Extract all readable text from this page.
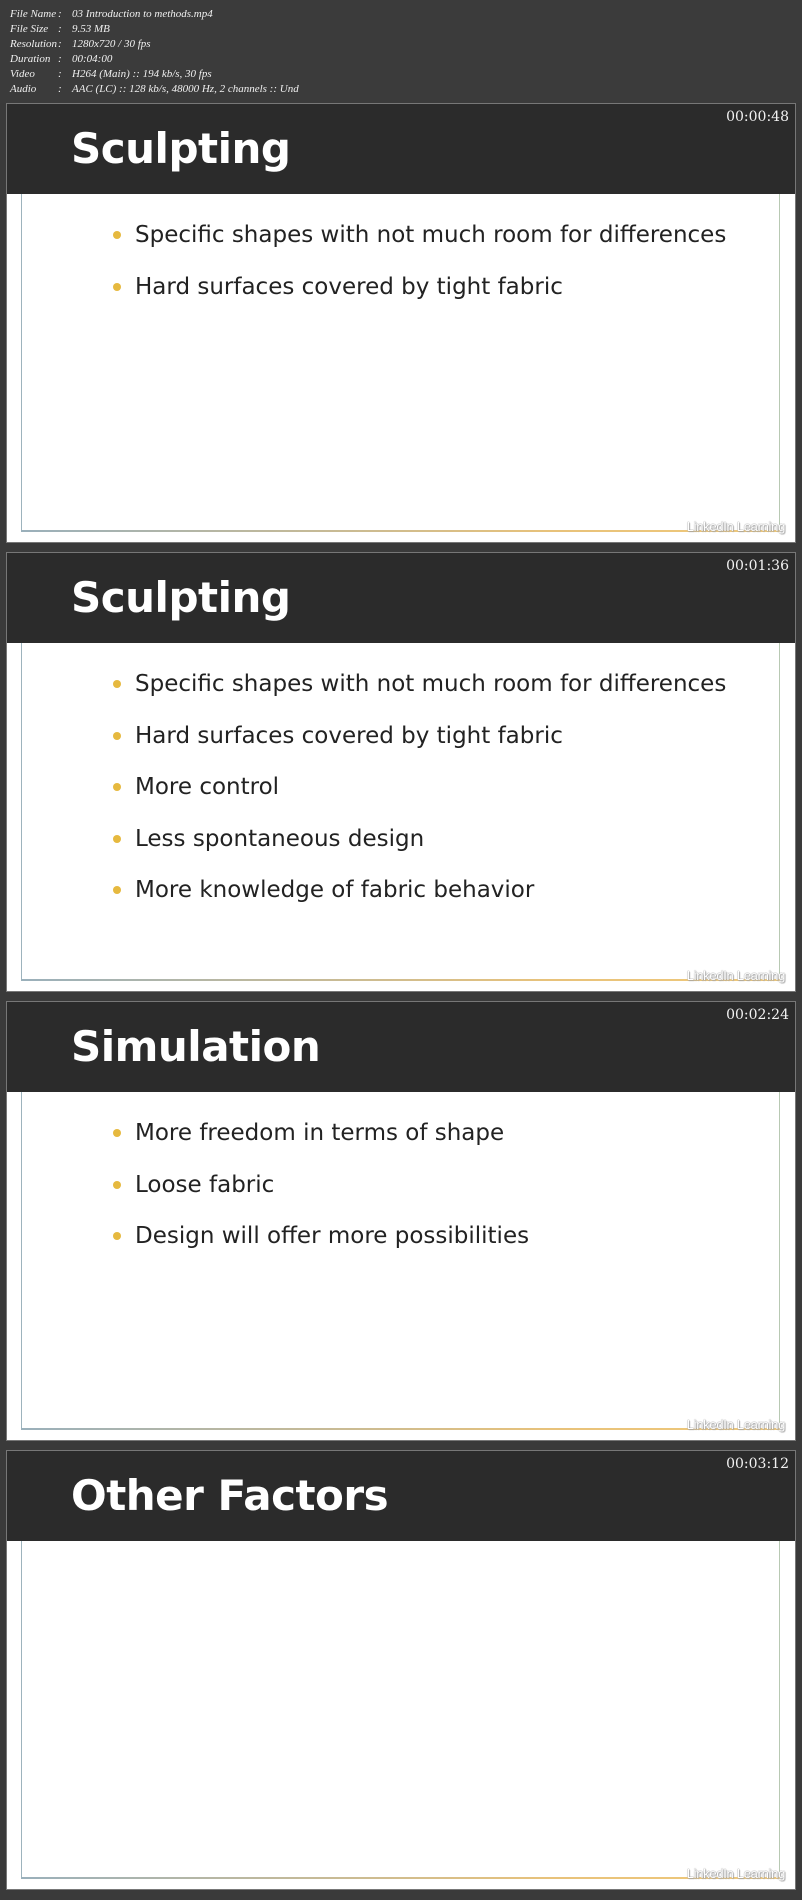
File Name : 03 Introduction to methods.mp4
File Size : 9.53 MB
Resolution: 1280x720 / 30 fps
Duration : 00:04:00
Video : H264 (Main) :: 194 kb/s, 30 fps
Audio : AAC (LC) :: 128 kb/s, 48000 Hz, 2 channels :: Und
Sculpting
00:00:48
Specific shapes with not much room for differences
Hard surfaces covered by tight fabric
LinkedIn Learning
Sculpting
00:01:36
Specific shapes with not much room for differences
Hard surfaces covered by tight fabric
More control
Less spontaneous design
More knowledge of fabric behavior
LinkedIn Learning
Simulation
00:02:24
More freedom in terms of shape
Loose fabric
Design will offer more possibilities
LinkedIn Learning
Other Factors
00:03:12
LinkedIn Learning
